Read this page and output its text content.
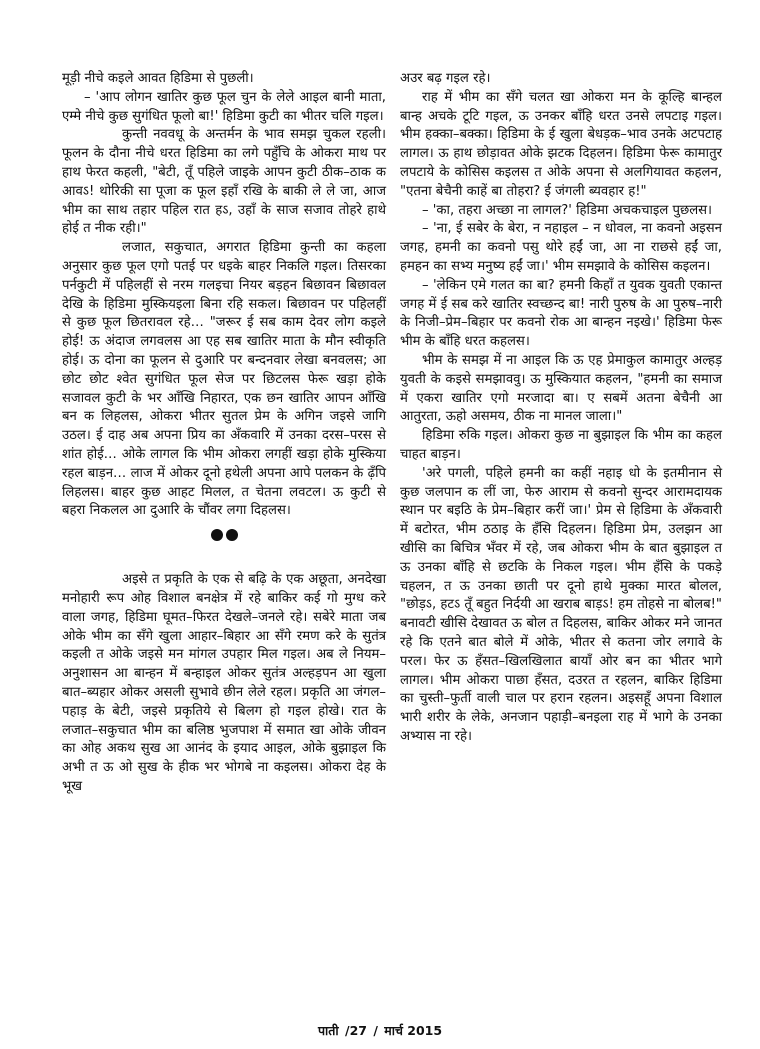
मूड़ी नीचे कइले आवत हिडिमा से पुछली।

– 'आप लोगन खातिर कुछ फूल चुन के लेले आइल बानी माता, एम्मे नीचे कुछ सुगंधित फूलो बा!' हिडिमा कुटी का भीतर चलि गइल।

कुन्ती नववधू के अन्तर्मन के भाव समझ चुकल रहली। फूलन के दौना नीचे धरत हिडिमा का लगे पहुँचि के ओकरा माथ पर हाथ फेरत कहली, "बेटी, तूँ पहिले जाइके आपन कुटी ठीक–ठाक क आवऽ! थोरिकी सा पूजा क फूल इहाँ रखि के बाकी ले ले जा, आज भीम का साथ तहार पहिल रात हऽ, उहाँ के साज सजाव तोहरे हाथे होई त नीक रही।"

लजात, सकुचात, अगरात हिडिमा कुन्ती का कहला अनुसार कुछ फूल एगो पतई पर धइके बाहर निकलि गइल। तिसरका पर्नकुटी में पहिलहीं से नरम गलइचा नियर बड़हन बिछावन बिछावल देखि के हिडिमा मुस्कियइला बिना रहि सकल। बिछावन पर पहिलहीं से कुछ फूल छितरावल रहे… "जरूर ई सब काम देवर लोग कइले होई! ऊ अंदाज लगवलस आ एह सब खातिर माता के मौन स्वीकृति होई। ऊ दोना का फूलन से दुआरि पर बन्दनवार लेखा बनवलस; आ छोट छोट श्वेत सुगंधित फूल सेज पर छिटलस फेरू खड़ा होके सजावल कुटी के भर आँखि निहारत, एक छन खातिर आपन आँखि बन क लिहलस, ओकरा भीतर सुतल प्रेम के अगिन जइसे जागि उठल। ई दाह अब अपना प्रिय का अँकवारि में उनका दरस–परस से शांत होई… ओके लागल कि भीम ओकरा लगहीं खड़ा होके मुस्किया रहल बाड़न… लाज में ओकर दूनो हथेली अपना आपे पलकन के ढ़ँपि लिहलस। बाहर कुछ आहट मिलल, त चेतना लवटल। ऊ कुटी से बहरा निकलल आ दुआरि के चौंवर लगा दिहलस।

अइसे त प्रकृति के एक से बढ़ि के एक अछूता, अनदेखा मनोहारी रूप ओह विशाल बनक्षेत्र में रहे बाकिर कई गो मुग्ध करे वाला जगह, हिडिमा घूमत–फिरत देखले–जनले रहे। सबेरे माता जब ओके भीम का सँगे खुला आहार–बिहार आ सँगे रमण करे के सुतंत्र कइली त ओके जइसे मन मांगल उपहार मिल गइल। अब ले नियम–अनुशासन आ बान्हन में बन्हाइल ओकर सुतंत्र अल्हड़पन आ खुला बात–ब्यहार ओकर असली सुभावे छीन लेले रहल। प्रकृति आ जंगल–पहाड़ के बेटी, जइसे प्रकृतिये से बिलग हो गइल होखे। रात के लजात–सकुचात भीम का बलिष्ठ भुजपाश में समात खा ओके जीवन का ओह अकथ सुख आ आनंद के इयाद आइल, ओके बुझाइल कि अभी त ऊ ओ सुख के हीक भर भोगबे ना कइलस। ओकरा देह के भूख

अउर बढ़ गइल रहे।

राह में भीम का सँगे चलत खा ओकरा मन के कूल्हि बान्हल बान्ह अचके टूटि गइल, ऊ उनकर बाँहि धरत उनसे लपटाइ गइल। भीम हक्का–बक्का। हिडिमा के ई खुला बेधड़क–भाव उनके अटपटाह लागल। ऊ हाथ छोड़ावत ओके झटक दिहलन। हिडिमा फेरू कामातुर लपटाये के कोसिस कइलस त ओके अपना से अलगियावत कहलन, "एतना बेचैनी काहें बा तोहरा? ई जंगली ब्यवहार ह!"

– 'का, तहरा अच्छा ना लागल?' हिडिमा अचकचाइल पुछलस।

– 'ना, ई सबेर के बेरा, न नहाइल – न धोवल, ना कवनो अइसन जगह, हमनी का कवनो पसु थोरे हईं जा, आ ना राछसे हईं जा, हमहन का सभ्य मनुष्य हईं जा।' भीम समझावे के कोसिस कइलन।

– 'लेकिन एमे गलत का बा? हमनी किहाँ त युवक युवती एकान्त जगह में ई सब करे खातिर स्वच्छन्द बा! नारी पुरुष के आ पुरुष–नारी के निजी–प्रेम–बिहार पर कवनो रोक आ बान्हन नइखे।' हिडिमा फेरू भीम के बाँहि धरत कहलस।

भीम के समझ में ना आइल कि ऊ एह प्रेमाकुल कामातुर अल्हड़ युवती के कइसे समझाववु। ऊ मुस्कियात कहलन, "हमनी का समाज में एकरा खातिर एगो मरजादा बा। ए सबमें अतना बेचैनी आ आतुरता, ऊहो असमय, ठीक ना मानल जाला।"

हिडिमा रुकि गइल। ओकरा कुछ ना बुझाइल कि भीम का कहल चाहत बाड़न।

'अरे पगली, पहिले हमनी का कहीं नहाइ धो के इतमीनान से कुछ जलपान क लीं जा, फेरु आराम से कवनो सुन्दर आरामदायक स्थान पर बइठि के प्रेम–बिहार करीं जा।' प्रेम से हिडिमा के अँकवारी में बटोरत, भीम ठठाइ के हँसि दिहलन। हिडिमा प्रेम, उलझन आ खीसि का बिचित्र भँवर में रहे, जब ओकरा भीम के बात बुझाइल त ऊ उनका बाँहि से छटकि के निकल गइल। भीम हँसि के पकड़े चहलन, त ऊ उनका छाती पर दूनो हाथे मुक्का मारत बोलल, "छोड़ऽ, हटऽ तूँ बहुत निर्दयी आ खराब बाड़ऽ! हम तोहसे ना बोलब!" बनावटी खीसि देखावत ऊ बोल त दिहलस, बाकिर ओकर मने जानत रहे कि एतने बात बोले में ओके, भीतर से कतना जोर लगावे के परल। फेर ऊ हँसत–खिलखिलात बायाँ ओर बन का भीतर भागे लागल। भीम ओकरा पाछा हँसत, दउरत त रहलन, बाकिर हिडिमा का चुस्ती–फुर्ती वाली चाल पर हरान रहलन। अइसहूँ अपना विशाल भारी शरीर के लेके, अनजान पहाड़ी–बनइला राह में भागे के उनका अभ्यास ना रहे।

पाती /27 / मार्च 2015
